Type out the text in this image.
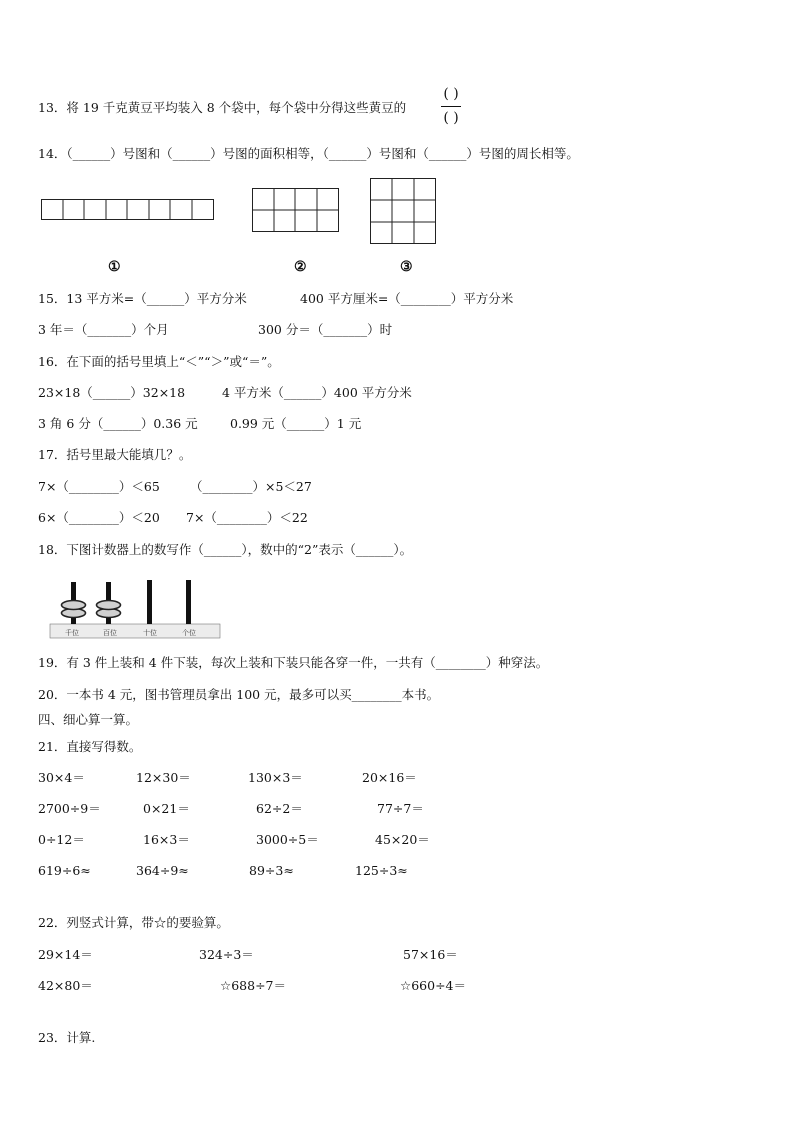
13．将 19 千克黄豆平均装入 8 个袋中，每个袋中分得这些黄豆的
( )
( )
14．（______）号图和（______）号图的面积相等，（______）号图和（______）号图的周长相等。
①	②	③
15．13 平方米=（______）平方分米	400 平方厘米=（________）平方分米
3 年＝（_______）个月	300 分＝（_______）时
16．在下面的括号里填上“＜”“＞”或“＝”。
23×18（______）32×18	4 平方米（______）400 平方分米
3 角 6 分（______）0.36 元	0.99 元（______）1 元
17．括号里最大能填几？。
7×（________）＜65 （________）×5＜27
6×（________）＜20 7×（________）＜22
18．下图计数器上的数写作（______），数中的“2”表示（______）。
千位	百位	十位	个位
19．有 3 件上装和 4 件下装，每次上装和下装只能各穿一件，一共有（________）种穿法。
20．一本书 4 元，图书管理员拿出 100 元，最多可以买________本书。
四、细心算一算。
21．直接写得数。
30×4＝	12×30＝	130×3＝	20×16＝
2700÷9＝	0×21＝	62÷2＝	77÷7＝
0÷12＝	16×3＝	3000÷5＝	45×20＝
619÷6≈	364÷9≈	89÷3≈	125÷3≈
22．列竖式计算，带☆的要验算。
29×14＝	324÷3＝	57×16＝
42×80＝	☆688÷7＝	☆660÷4＝
23．计算.
